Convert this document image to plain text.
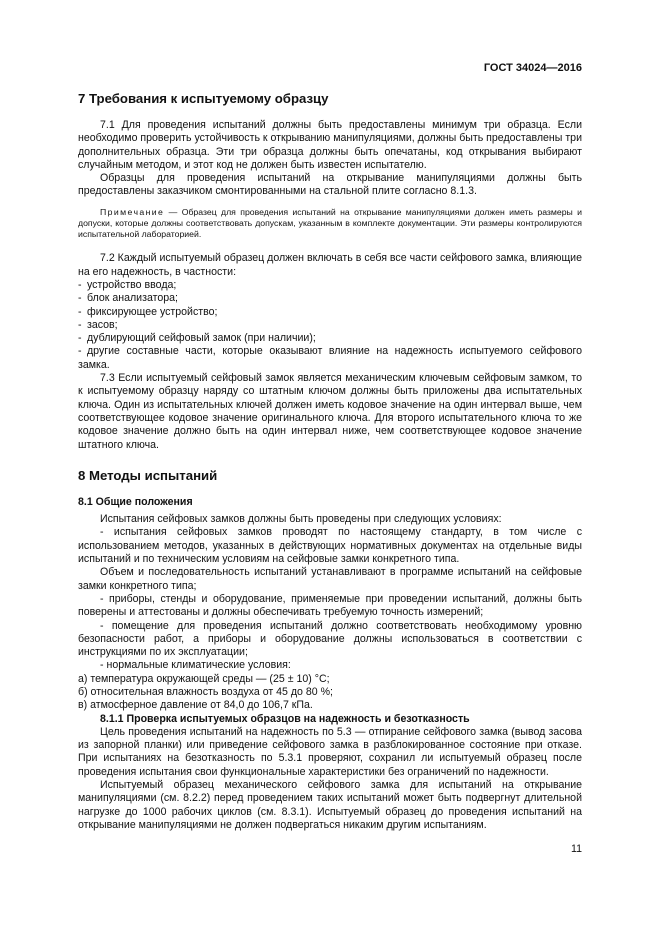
ГОСТ 34024—2016
7 Требования к испытуемому образцу

7.1 Для проведения испытаний должны быть предоставлены минимум три образца. Если необходимо проверить устойчивость к открыванию манипуляциями, должны быть предоставлены три дополнительных образца. Эти три образца должны быть опечатаны, код открывания выбирают случайным методом, и этот код не должен быть известен испытателю.

Образцы для проведения испытаний на открывание манипуляциями должны быть предоставлены заказчиком смонтированными на стальной плите согласно 8.1.3.

Примечание — Образец для проведения испытаний на открывание манипуляциями должен иметь размеры и допуски, которые должны соответствовать допускам, указанным в комплекте документации. Эти размеры контролируются испытательной лабораторией.

7.2 Каждый испытуемый образец должен включать в себя все части сейфового замка, влияющие на его надежность, в частности:

- устройство ввода;
- блок анализатора;
- фиксирующее устройство;
- засов;
- дублирующий сейфовый замок (при наличии);
- другие составные части, которые оказывают влияние на надежность испытуемого сейфового замка.

7.3 Если испытуемый сейфовый замок является механическим ключевым сейфовым замком, то к испытуемому образцу наряду со штатным ключом должны быть приложены два испытательных ключа. Один из испытательных ключей должен иметь кодовое значение на один интервал выше, чем соответствующее кодовое значение оригинального ключа. Для второго испытательного ключа то же кодовое значение должно быть на один интервал ниже, чем соответствующее кодовое значение штатного ключа.

8 Методы испытаний
8.1 Общие положения

Испытания сейфовых замков должны быть проведены при следующих условиях:

- испытания сейфовых замков проводят по настоящему стандарту, в том числе с использованием методов, указанных в действующих нормативных документах на отдельные виды испытаний и по техническим условиям на сейфовые замки конкретного типа.

Объем и последовательность испытаний устанавливают в программе испытаний на сейфовые замки конкретного типа;

- приборы, стенды и оборудование, применяемые при проведении испытаний, должны быть поверены и аттестованы и должны обеспечивать требуемую точность измерений;

- помещение для проведения испытаний должно соответствовать необходимому уровню безопасности работ, а приборы и оборудование должны использоваться в соответствии с инструкциями по их эксплуатации;

- нормальные климатические условия:

а) температура окружающей среды — (25 ± 10) °С;
б) относительная влажность воздуха от 45 до 80 %;
в) атмосферное давление от 84,0 до 106,7 кПа.
8.1.1 Проверка испытуемых образцов на надежность и безотказность

Цель проведения испытаний на надежность по 5.3 — отпирание сейфового замка (вывод засова из запорной планки) или приведение сейфового замка в разблокированное состояние при отказе. При испытаниях на безотказность по 5.3.1 проверяют, сохранил ли испытуемый образец после проведения испытания свои функциональные характеристики без ограничений по надежности.

Испытуемый образец механического сейфового замка для испытаний на открывание манипуляциями (см. 8.2.2) перед проведением таких испытаний может быть подвергнут длительной нагрузке до 1000 рабочих циклов (см. 8.3.1). Испытуемый образец до проведения испытаний на открывание манипуляциями не должен подвергаться никаким другим испытаниям.

11
